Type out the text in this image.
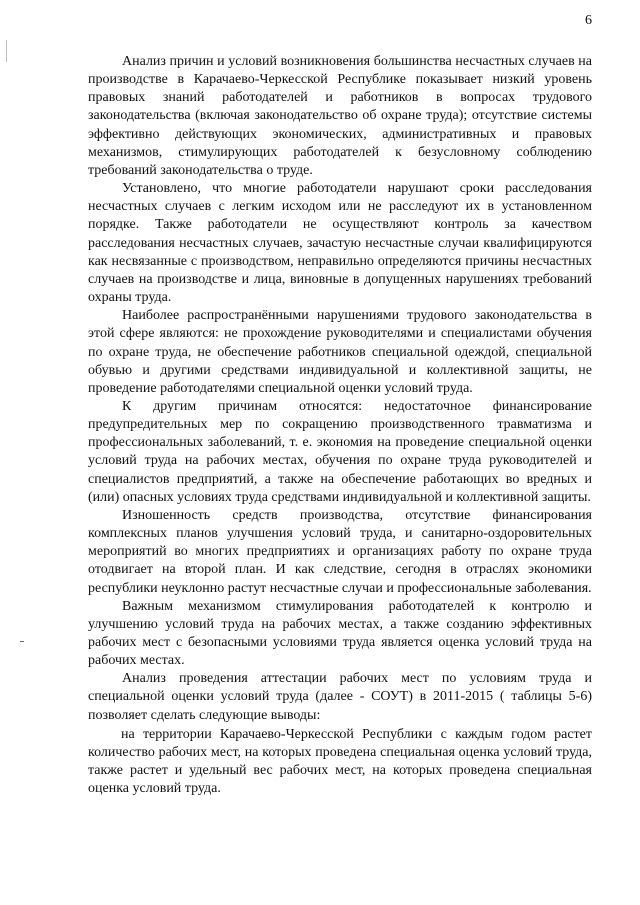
6

Анализ причин и условий возникновения большинства несчастных случаев на производстве в Карачаево-Черкесской Республике показывает низкий уровень правовых знаний работодателей и работников в вопросах трудового законодательства (включая законодательство об охране труда); отсутствие системы эффективно действующих экономических, административных и правовых механизмов, стимулирующих работодателей к безусловному соблюдению требований законодательства о труде.

Установлено, что многие работодатели нарушают сроки расследования несчастных случаев с легким исходом или не расследуют их в установленном порядке. Также работодатели не осуществляют контроль за качеством расследования несчастных случаев, зачастую несчастные случаи квалифицируются как несвязанные с производством, неправильно определяются причины несчастных случаев на производстве и лица, виновные в допущенных нарушениях требований охраны труда.

Наиболее распространёнными нарушениями трудового законодательства в этой сфере являются: не прохождение руководителями и специалистами обучения по охране труда, не обеспечение работников специальной одеждой, специальной обувью и другими средствами индивидуальной и коллективной защиты, не проведение работодателями специальной оценки условий труда.

К другим причинам относятся: недостаточное финансирование предупредительных мер по сокращению производственного травматизма и профессиональных заболеваний, т. е. экономия на проведение специальной оценки условий труда на рабочих местах, обучения по охране труда руководителей и специалистов предприятий, а также на обеспечение работающих во вредных и (или) опасных условиях труда средствами индивидуальной и коллективной защиты.

Изношенность средств производства, отсутствие финансирования комплексных планов улучшения условий труда, и санитарно-оздоровительных мероприятий во многих предприятиях и организациях работу по охране труда отодвигает на второй план. И как следствие, сегодня в отраслях экономики республики неуклонно растут несчастные случаи и профессиональные заболевания.

Важным механизмом стимулирования работодателей к контролю и улучшению условий труда на рабочих местах, а также созданию эффективных рабочих мест с безопасными условиями труда является оценка условий труда на рабочих местах.

Анализ проведения аттестации рабочих мест по условиям труда и специальной оценки условий труда (далее - СОУТ) в 2011-2015 ( таблицы 5-6) позволяет сделать следующие выводы:

на территории Карачаево-Черкесской Республики с каждым годом растет количество рабочих мест, на которых проведена специальная оценка условий труда, также растет и удельный вес рабочих мест, на которых проведена специальная оценка условий труда.
